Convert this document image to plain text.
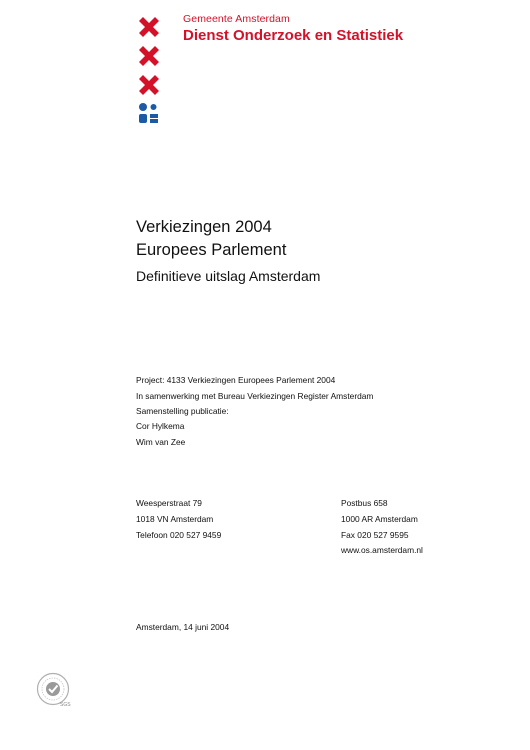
Gemeente Amsterdam
Dienst Onderzoek en Statistiek
Verkiezingen 2004
Europees Parlement
Definitieve uitslag Amsterdam
Project: 4133 Verkiezingen Europees Parlement 2004
In samenwerking met Bureau Verkiezingen Register Amsterdam
Samenstelling publicatie:
Cor Hylkema
Wim van Zee
Weesperstraat 79
1018 VN Amsterdam
Telefoon 020 527 9459
Postbus 658
1000 AR Amsterdam
Fax 020 527 9595
www.os.amsterdam.nl
Amsterdam, 14 juni 2004
SGS
